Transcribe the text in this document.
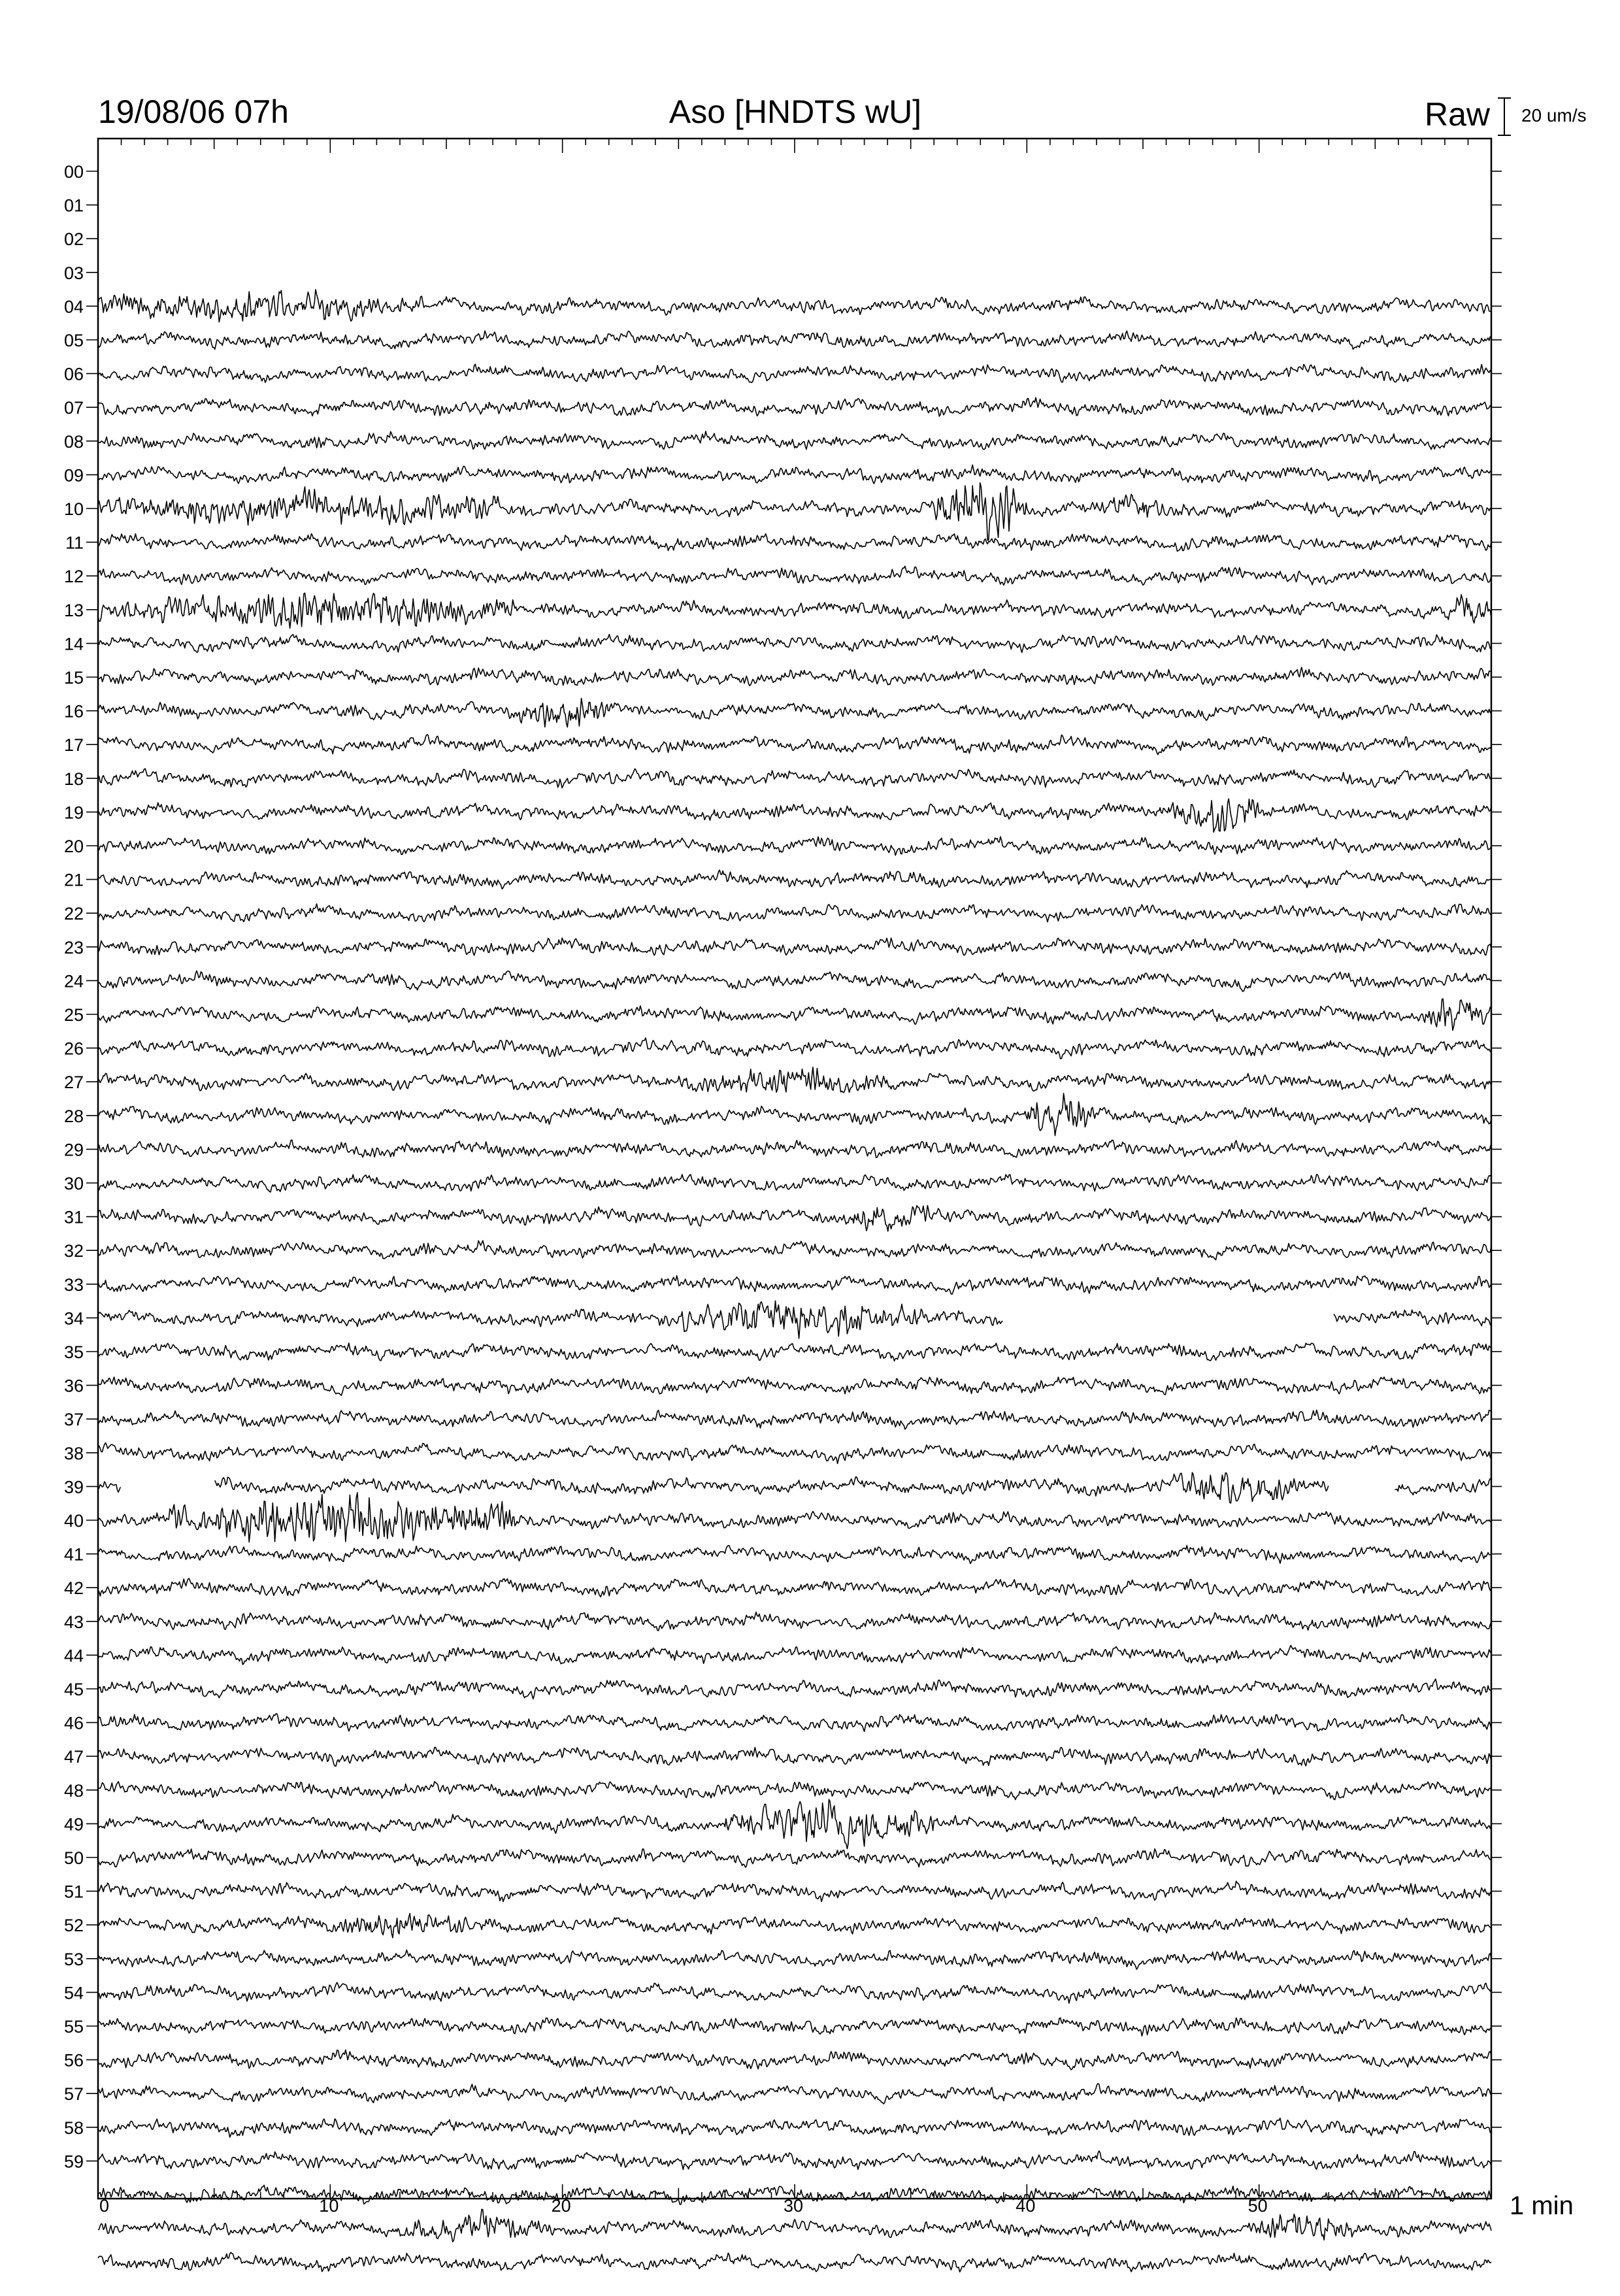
19/08/06 07h	Aso [HNDTS wU]	Raw 20 um/s
00
01
02
03
04
05
06
07
08
09
10
11
12
13
14
15
16
17
18
19
20
21
22
23
24
25
26
27
28
29
30
31
32
33
34
35
36
37
38
39
40
41
42
43
44
45
46
47
48
49
50
51
52
53
54
55
56
57
58
59
0	10	20	30	40	50	1 min
